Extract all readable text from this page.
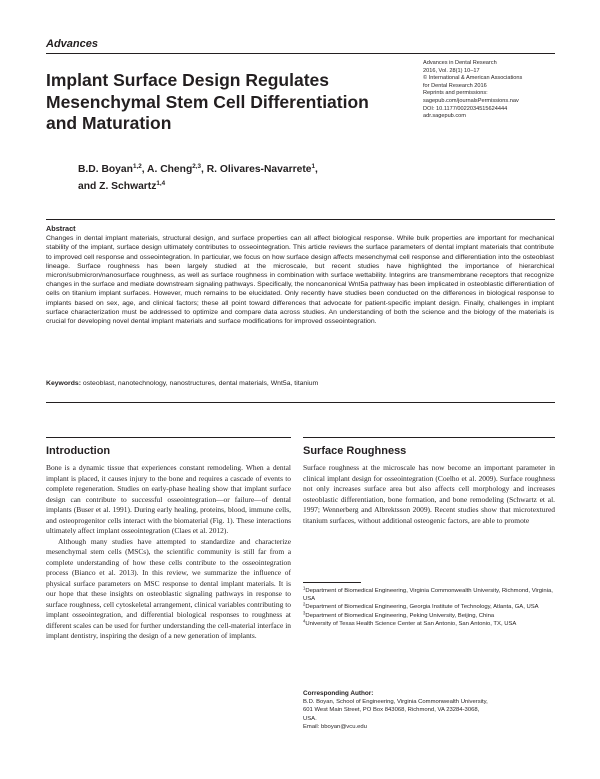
Advances
Implant Surface Design Regulates Mesenchymal Stem Cell Differentiation and Maturation
Advances in Dental Research
2016, Vol. 28(1) 10–17
© International & American Associations
for Dental Research 2016
Reprints and permissions:
sagepub.com/journalsPermissions.nav
DOI: 10.1177/0022034515624444
adr.sagepub.com
B.D. Boyan$^{1,2}$, A. Cheng$^{2,3}$, R. Olivares-Navarrete$^1$,
and Z. Schwartz$^{1,4}$
Abstract
Changes in dental implant materials, structural design, and surface properties can all affect biological response. While bulk properties are important for mechanical stability of the implant, surface design ultimately contributes to osseointegration. This article reviews the surface parameters of dental implant materials that contribute to improved cell response and osseointegration. In particular, we focus on how surface design affects mesenchymal cell response and differentiation into the osteoblast lineage. Surface roughness has been largely studied at the microscale, but recent studies have highlighted the importance of hierarchical micron/submicron/nanosurface roughness, as well as surface roughness in combination with surface wettability. Integrins are transmembrane receptors that recognize changes in the surface and mediate downstream signaling pathways. Specifically, the noncanonical Wnt5a pathway has been implicated in osteoblastic differentiation of cells on titanium implant surfaces. However, much remains to be elucidated. Only recently have studies been conducted on the differences in biological response to implants based on sex, age, and clinical factors; these all point toward differences that advocate for patient-specific implant design. Finally, challenges in implant surface characterization must be addressed to optimize and compare data across studies. An understanding of both the science and the biology of the materials is crucial for developing novel dental implant materials and surface modifications for improved osseointegration.
Keywords: osteoblast, nanotechnology, nanostructures, dental materials, Wnt5a, titanium
Introduction

Bone is a dynamic tissue that experiences constant remodeling. When a dental implant is placed, it causes injury to the bone and requires a cascade of events to complete regeneration. Studies on early-phase healing show that implant surface design can contribute to successful osseointegration—or failure—of dental implants (Buser et al. 1991). During early healing, proteins, blood, immune cells, and osteoprogenitor cells interact with the biomaterial (Fig. 1). These interactions ultimately affect implant osseointegration (Claes et al. 2012).

Although many studies have attempted to standardize and characterize mesenchymal stem cells (MSCs), the scientific community is still far from a complete understanding of how these cells contribute to the osseointegration process (Bianco et al. 2013). In this review, we summarize the influence of physical surface parameters on MSC response to dental implant materials. It is our hope that these insights on osteoblastic signaling pathways in response to surface roughness, cell cytoskeletal arrangement, clinical variables contributing to implant osseointegration, and differential biological responses to roughness at different scales can be used for further understanding the cell-material interface in implant dentistry, inspiring the design of a new generation of implants.

Surface Roughness

Surface roughness at the microscale has now become an important parameter in clinical implant design for osseointegration (Coelho et al. 2009). Surface roughness not only increases surface area but also affects cell morphology and increases osteoblastic differentiation, bone formation, and bone remodeling (Schwartz et al. 1997; Wennerberg and Albrektsson 2009). Recent studies show that microtextured titanium surfaces, without additional osteogenic factors, are able to promote

$^1$Department of Biomedical Engineering, Virginia Commonwealth University, Richmond, Virginia, USA
$^2$Department of Biomedical Engineering, Georgia Institute of Technology, Atlanta, GA, USA
$^3$Department of Biomedical Engineering, Peking University, Beijing, China
$^4$University of Texas Health Science Center at San Antonio, San Antonio, TX, USA
Corresponding Author:
B.D. Boyan, School of Engineering, Virginia Commonwealth University,
601 West Main Street, PO Box 843068, Richmond, VA 23284-3068,
USA.
Email: bboyan@vcu.edu
